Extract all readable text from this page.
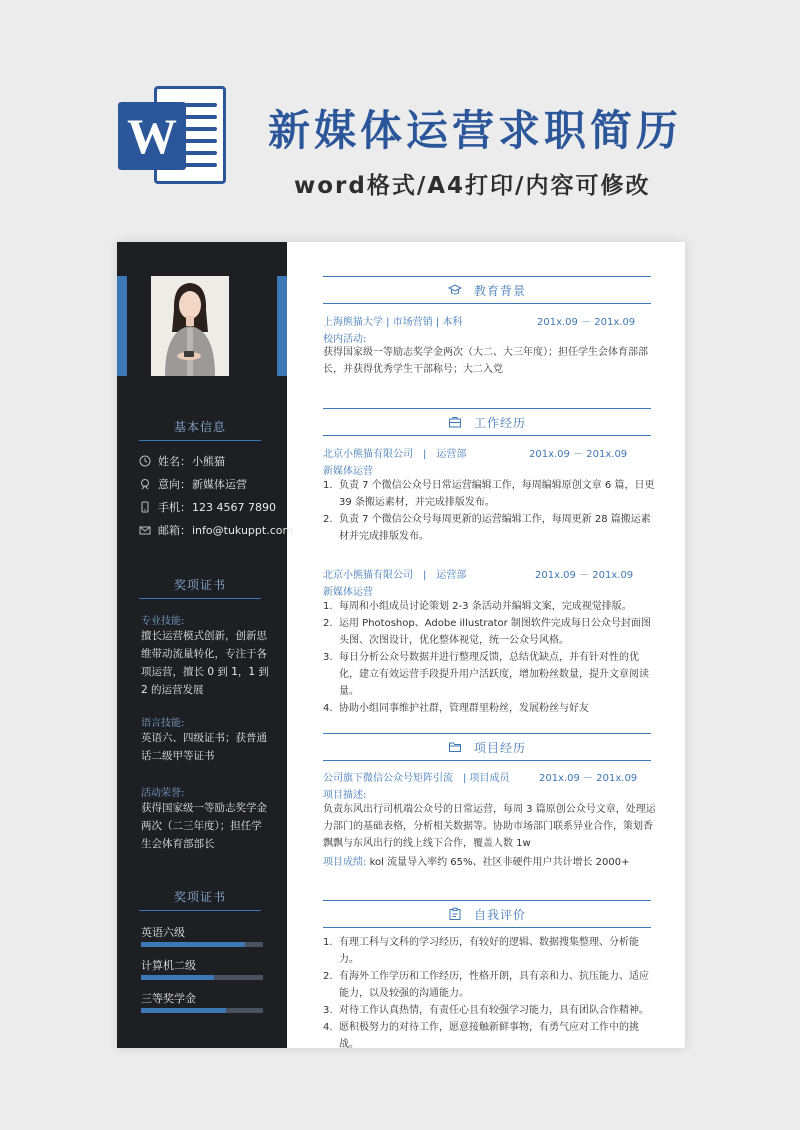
W 新媒体运营求职简历
word格式/A4打印/内容可修改
基本信息
姓名： 小熊猫
意向： 新媒体运营
手机： 123 4567 7890
邮箱： info@tukuppt.com
奖项证书
专业技能:
擅长运营模式创新，创新思维带动流量转化，专注于各项运营，擅长 0 到 1，1 到 2 的运营发展
语言技能:
英语六、四级证书；获普通话二级甲等证书
活动荣誉:
获得国家级一等励志奖学金两次（二三年度）；担任学生会体育部部长
奖项证书
英语六级
计算机二级
三等奖学金
教育背景
上海熊猫大学 | 市场营销 | 本科	201x.09 － 201x.09
校内活动:
获得国家级一等励志奖学金两次（大二、大三年度）；担任学生会体育部部长，并获得优秀学生干部称号；大二入党
工作经历
北京小熊猫有限公司　|　运营部	201x.09 － 201x.09
新媒体运营
1. 负责 7 个微信公众号日常运营编辑工作，每周编辑原创文章 6 篇，日更 39 条搬运素材，并完成排版发布。
2. 负责 7 个微信公众号每周更新的运营编辑工作，每周更新 28 篇搬运素材并完成排版发布。
北京小熊猫有限公司　|　运营部	201x.09 － 201x.09
新媒体运营
1. 每周和小组成员讨论策划 2-3 条活动并编辑文案，完成视觉排版。
2. 运用 Photoshop、Adobe illustrator 制图软件完成每日公众号封面图头图、次图设计，优化整体视觉，统一公众号风格。
3. 每日分析公众号数据并进行整理反馈，总结优缺点，并有针对性的优化，建立有效运营手段提升用户活跃度，增加粉丝数量，提升文章阅读量。
4. 协助小组同事维护社群，管理群里粉丝，发展粉丝与好友
项目经历
公司旗下微信公众号矩阵引流　| 项目成员	201x.09 － 201x.09
项目描述:
负责东风出行司机端公众号的日常运营，每周 3 篇原创公众号文章，处理运力部门的基础表格，分析相关数据等。协助市场部门联系异业合作，策划香飘飘与东风出行的线上线下合作，覆盖人数 1w
项目成绩: kol 流量导入率约 65%、社区非硬件用户共计增长 2000+
自我评价
1. 有理工科与文科的学习经历，有较好的逻辑、数据搜集整理、分析能力。
2. 有海外工作学历和工作经历，性格开朗，具有亲和力、抗压能力、适应能力，以及较强的沟通能力。
3. 对待工作认真热情，有责任心且有较强学习能力，具有团队合作精神。
4. 愿积极努力的对待工作，愿意接触新鲜事物，有勇气应对工作中的挑战。
